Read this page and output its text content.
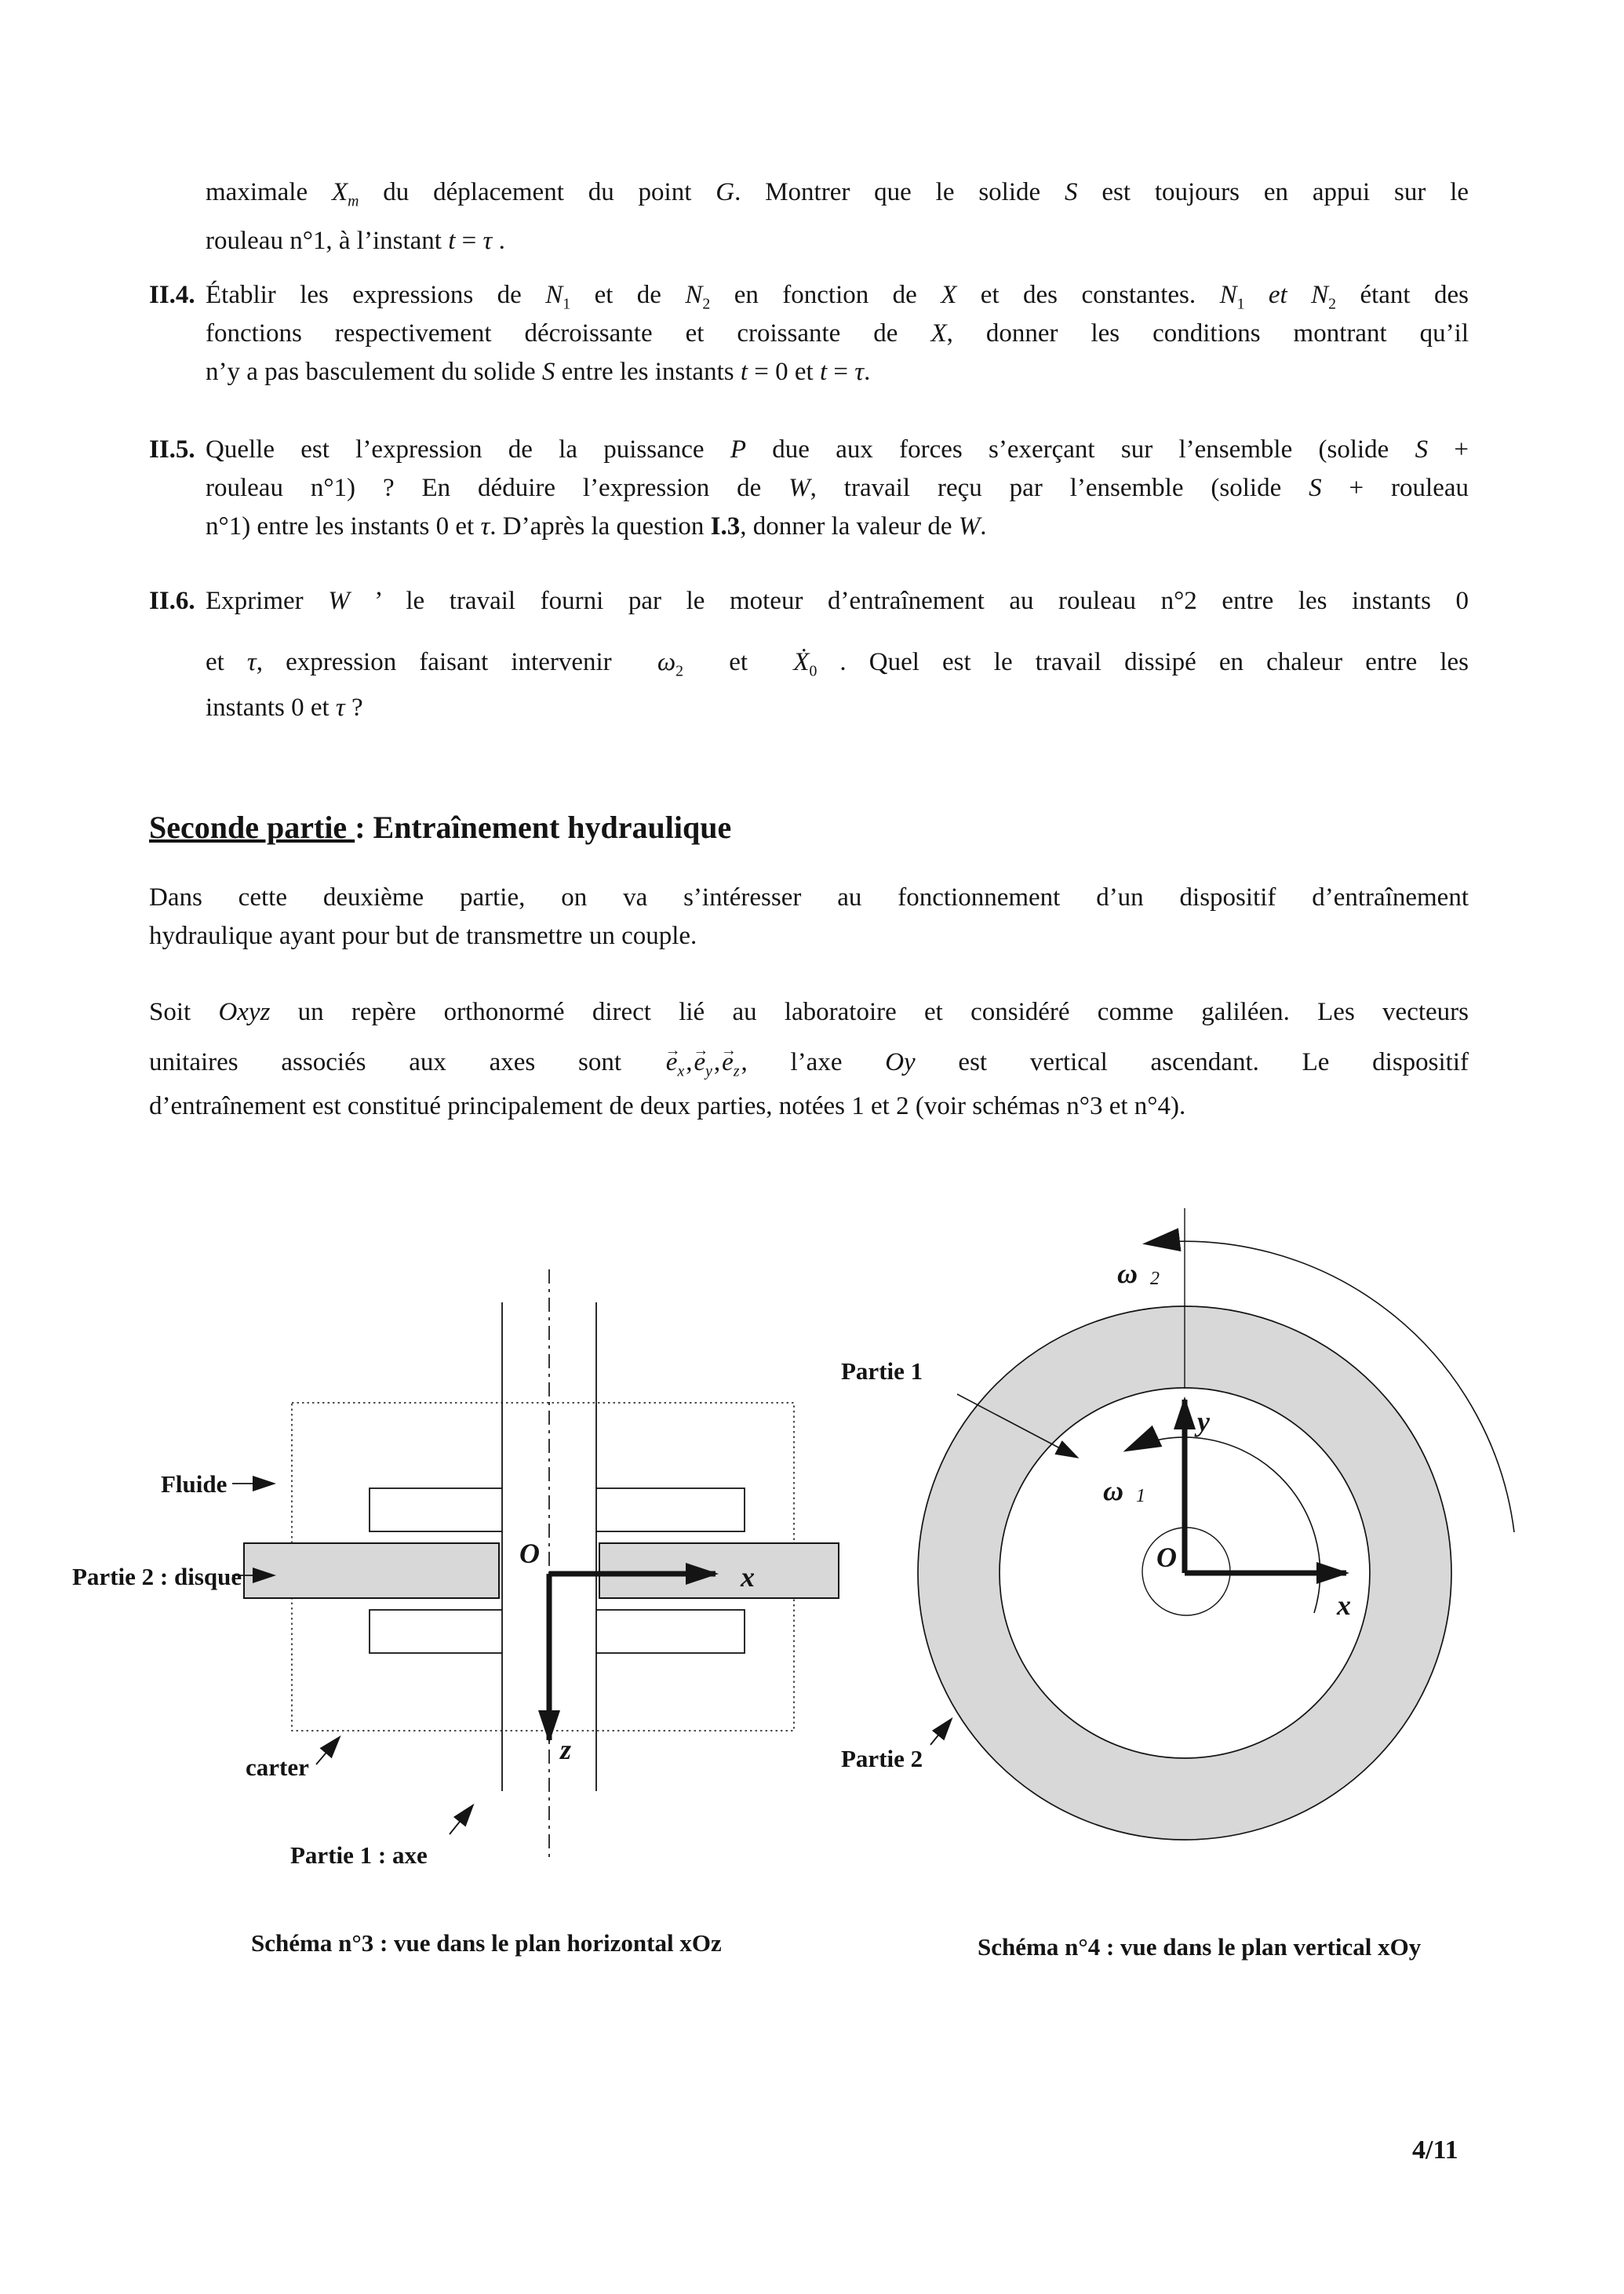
maximale $X_m$ du déplacement du point G. Montrer que le solide S est toujours en appui sur le
rouleau n°1, à l’instant t = τ .
II.4. Établir les expressions de $N_1$ et de $N_2$ en fonction de X et des constantes. $N_1$ et $N_2$ étant des
fonctions respectivement décroissante et croissante de X, donner les conditions montrant qu’il
n’y a pas basculement du solide S entre les instants t = 0 et t = τ.
II.5. Quelle est l’expression de la puissance P due aux forces s’exerçant sur l’ensemble (solide S +
rouleau n°1) ? En déduire l’expression de W, travail reçu par l’ensemble (solide S + rouleau
n°1) entre les instants 0 et τ. D’après la question I.3, donner la valeur de W.
II.6. Exprimer W ’ le travail fourni par le moteur d’entraînement au rouleau n°2 entre les instants 0
et τ, expression faisant intervenir  $\omega_2$  et  Ẋ$_0$ . Quel est le travail dissipé en chaleur entre les
instants 0 et τ ?
Seconde partie : Entraînement hydraulique
Dans cette deuxième partie, on va s’intéresser au fonctionnement d’un dispositif d’entraînement
hydraulique ayant pour but de transmettre un couple.
Soit Oxyz un repère orthonormé direct lié au laboratoire et considéré comme galiléen. Les vecteurs
unitaires associés aux axes sont → $e_x,\to e_y,\to e_z$, l’axe Oy est vertical ascendant. Le dispositif
d’entraînement est constitué principalement de deux parties, notées 1 et 2 (voir schémas n°3 et n°4).
O
x
z
Fluide
Partie 2 : disque
carter
Partie 1 : axe
Schéma n°3 : vue dans le plan horizontal xOz
ω 2
ω 1
y
x
O
Partie 1
Partie 2
Schéma n°4 : vue dans le plan vertical xOy
4/11
